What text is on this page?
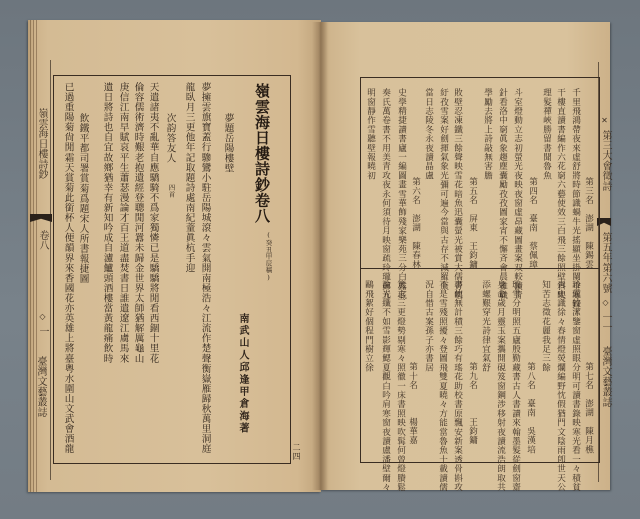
嶺雲海日樓詩鈔
卷八
◇
一
臺灣文藝叢誌
嶺雲海日樓詩鈔卷八
(癸丑甲辰稿)
南武山人邱逢甲倉海著
夢題岳陽樓壁
夢擁雲旗寶蓋行驂鸞小駐岳陽城滾々雲氣開南極浩々江流作楚聲衡嶽雁歸秋萬里洞庭
龍臥月三更他年記取題詩處南紀蕫眞杭手迎
次韵答友人
四首
天遣諸夷不亂華自應驕騎不爲家獨憐已是驕驕將閒看西錮十里花
倫容儒術濟時艱老抱遺經登聰閒河囂未歸金世界太師猶解厲龜山
庚信江南早賦哀平生蕭瑟漫論才百王道盡焚書日誰遣遼江虜馬來
遺日將詩也自宜故鄉猶幸有新知吟成自濾鱸頭酒樓當黃龍痛飲時
飲鐵平都司署賞菊爲題宋人所書報捷圖
已過重陽菊尙閒霜天賞菊此銜杯人便韻界來香國花亦英雄上將臺粵水圍山文武會酒龍	二四
✕
第三大會徵詩
第五年第六號
◇
一一
臺灣文藝叢誌
第三名　澎湖　陳錫雲
千里飛鴻帶夜來虛舒將時節識蝸牛光搖顯坐掛闌垂寒鋒
干樓直讀書編作六花窮六藝使效三白飛三餘照壁斜映
理髮禪峽勝留書聞魯魚
第四名　臺南　蔡佩璋
斗室燈動立志初螢光夜映夜窗虛昂藏圖畫案双較讀靑
針看洛中窮眞象趨塵囊勵孜孜圖家宵不懈斉會晨雞職
學勵去將上詩敲無害膽
第五名　屏東　王鈞鏞
敗壁忍凍鐵三餘聲映雪花暗魚迅囊螢光被賞大儒勞唱
紆孜雪案好劍揮氣象光彌可遍今當與古存不減羅康
當日志陵冬永夜讀晶盧
第六名　澎湖　陳春林
史學精捷讀書廬一編圖畫雪華飾殘家樂苑三分白露底
奏氏萬卷書不用美青攻夜永何須待月映窗疏玲瓏郵五
明窗靜作雪聽壁報曉初
第七名　澎湖　陳月樵
玲瓏皎潔鑒窗虛照眼分明可讀書錄映寒光看一々積貧
靑史識徐々春情燈熒爛編野忱假猶門文陰雨卽世天公
知苦志徵花麗我足三餘
第八名　臺南　吳漢培
璇雪分明照五廬殷勤藏書古人書讀來翰墨髮從劍窗齋
身命歲月靈玉案攜開硯笈窗鋼涉移射夜讀流浩朗取共
添螺艱穿光詩律宜氣舒
第九名　　　王鈞鏞
書使無計積三餘巧有瑤花助校書原飄安新案透骨斟攻
不是雪殘照擾々登圖飛雙夏曉々方能當魯魚十載讀儒
況自惜古案孫子亦書居
第十名　　　楊華嘉
篤志三更燈勢剔寒々照徹一床書照映吹髯何曾燈賸鬆
論光纖不如雪影輝鰓夏觀白吟肩寒窗夜讀盧潘壁爾々
鷗飛絮好個程門樹立徐
